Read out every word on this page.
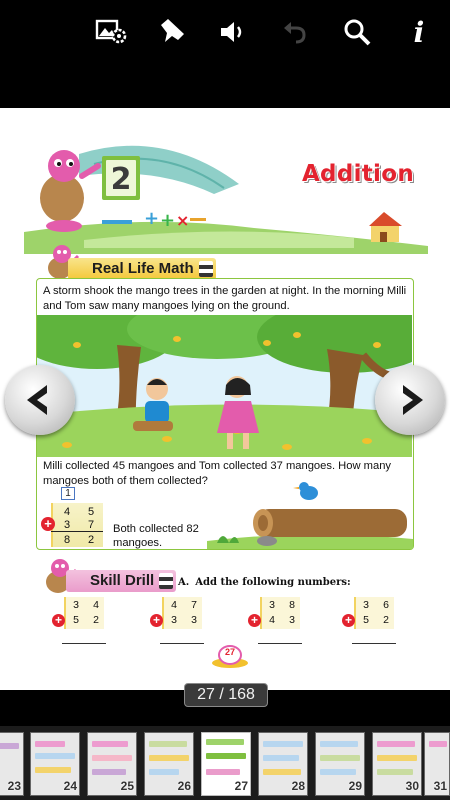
i
+ + ×
2	Addition
Real Life Math
A storm shook the mango trees in the garden at night. In the morning Milli and Tom saw many mangoes lying on the ground.
Milli collected 45 mangoes and Tom collected 37 mangoes. How many mangoes both of them collected?
1
4	5
3	7
8	2
+	Both collected 82 mangoes.
Skill Drill	A. Add the following numbers:
3	4
5	2
+
4	7
3	3
+
3	8
4	3
+
3	6
5	2
+
27
27 / 168
23	24	25	26	27	28	29	30 31
